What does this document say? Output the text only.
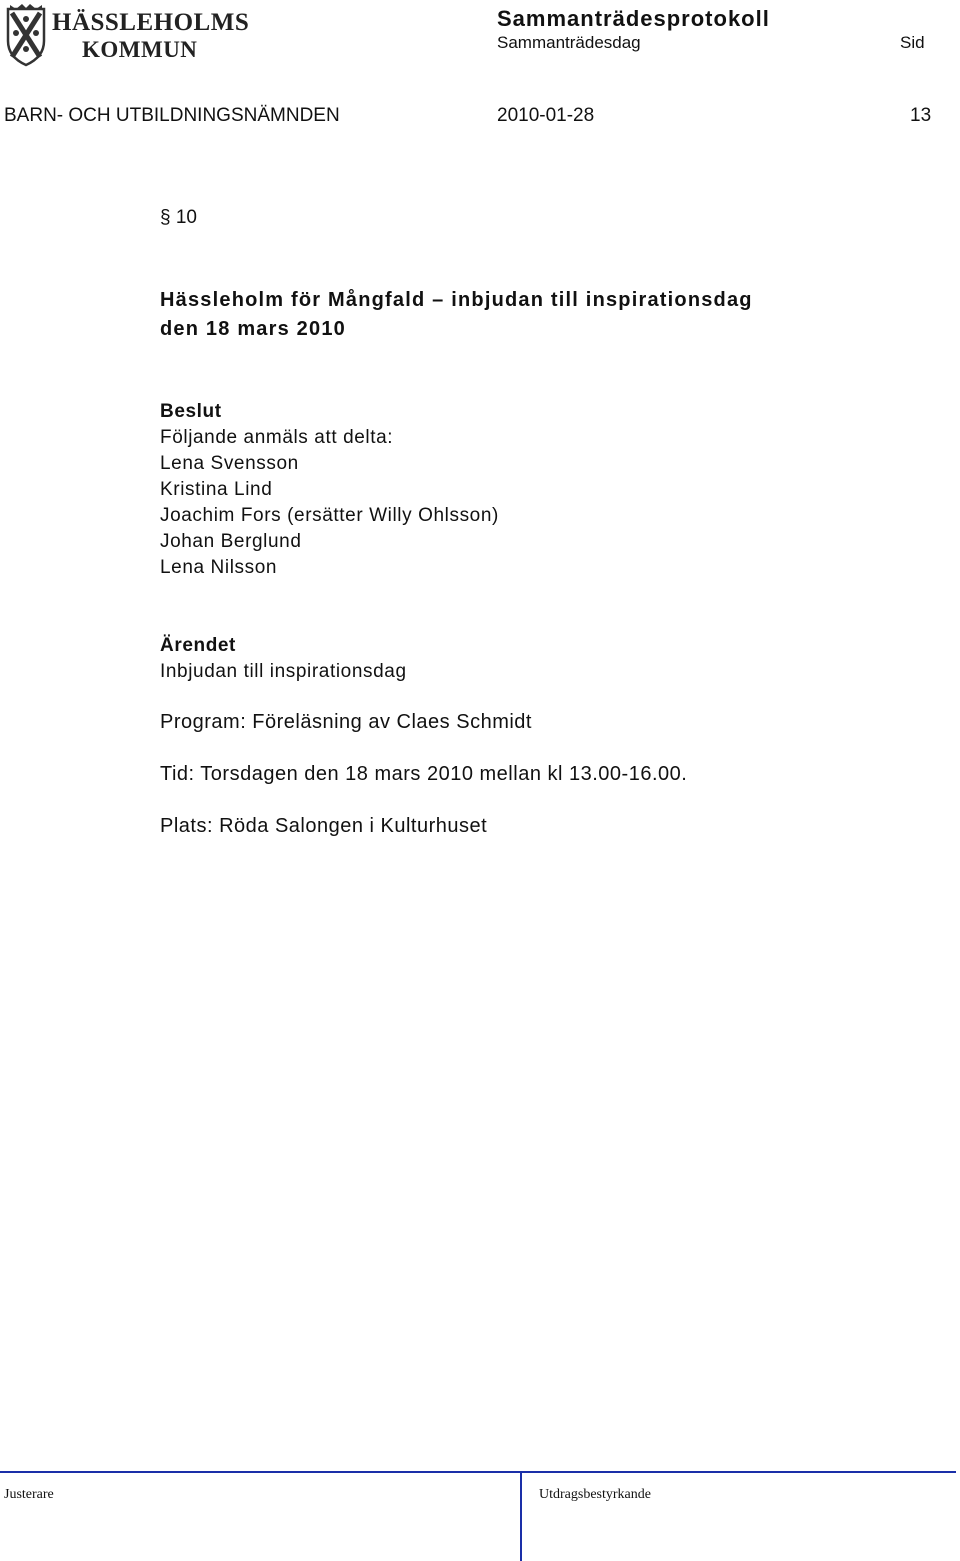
HÄSSLEHOLMS
KOMMUN
Sammanträdesprotokoll
Sammanträdesdag	Sid
BARN- OCH UTBILDNINGSNÄMNDEN	2010-01-28	13
§ 10
Hässleholm för Mångfald – inbjudan till inspirationsdag
den 18 mars 2010
Beslut
Följande anmäls att delta:
Lena Svensson
Kristina Lind
Joachim Fors (ersätter Willy Ohlsson)
Johan Berglund
Lena Nilsson
Ärendet
Inbjudan till inspirationsdag
Program: Föreläsning av Claes Schmidt
Tid: Torsdagen den 18 mars 2010 mellan kl 13.00-16.00.
Plats: Röda Salongen i Kulturhuset
Justerare	Utdragsbestyrkande
